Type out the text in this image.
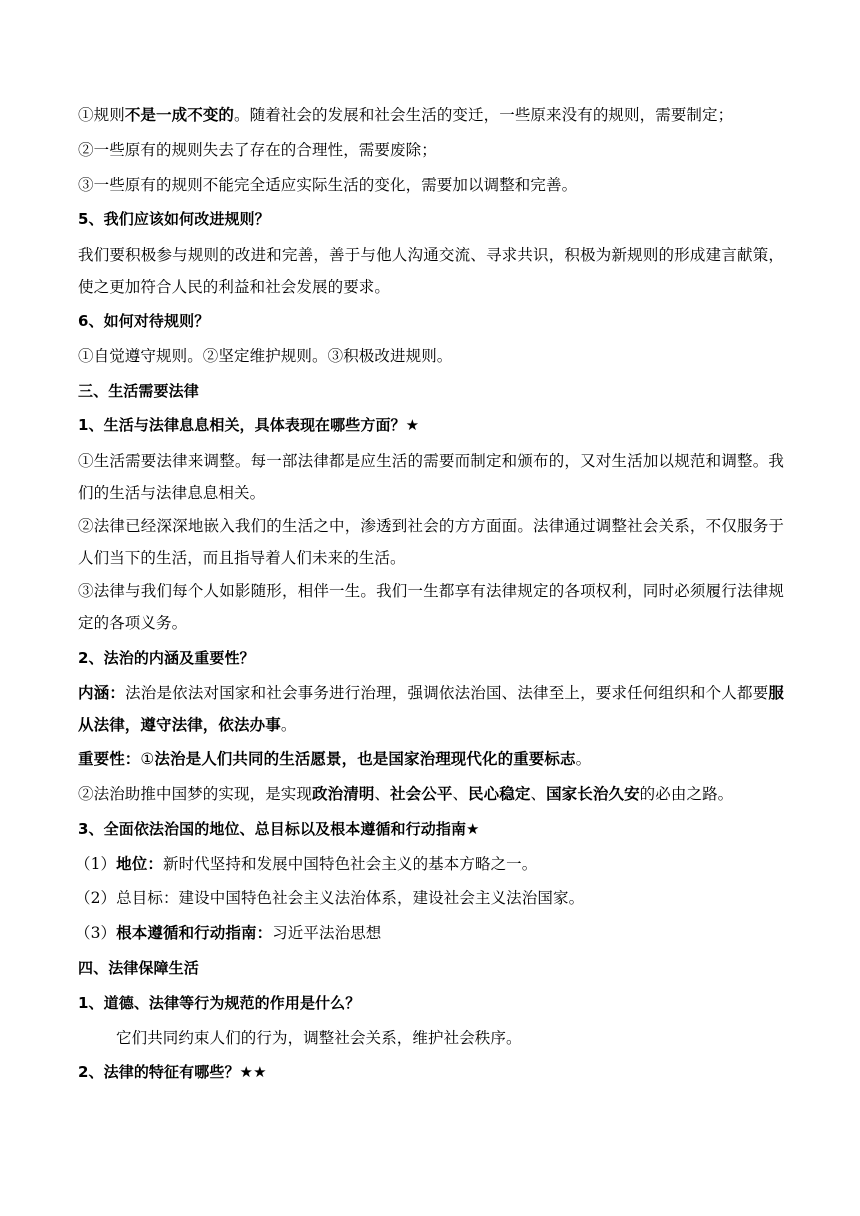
①规则不是一成不变的。随着社会的发展和社会生活的变迁，一些原来没有的规则，需要制定；
②一些原有的规则失去了存在的合理性，需要废除；
③一些原有的规则不能完全适应实际生活的变化，需要加以调整和完善。
5、我们应该如何改进规则？
我们要积极参与规则的改进和完善，善于与他人沟通交流、寻求共识，积极为新规则的形成建言献策，使之更加符合人民的利益和社会发展的要求。
6、如何对待规则？
①自觉遵守规则。②坚定维护规则。③积极改进规则。
三、生活需要法律
1、生活与法律息息相关，具体表现在哪些方面？★
①生活需要法律来调整。每一部法律都是应生活的需要而制定和颁布的，又对生活加以规范和调整。我们的生活与法律息息相关。
②法律已经深深地嵌入我们的生活之中，渗透到社会的方方面面。法律通过调整社会关系，不仅服务于人们当下的生活，而且指导着人们未来的生活。
③法律与我们每个人如影随形，相伴一生。我们一生都享有法律规定的各项权利，同时必须履行法律规定的各项义务。
2、法治的内涵及重要性？
内涵：法治是依法对国家和社会事务进行治理，强调依法治国、法律至上，要求任何组织和个人都要服从法律，遵守法律，依法办事。
重要性：①法治是人们共同的生活愿景，也是国家治理现代化的重要标志。
②法治助推中国梦的实现，是实现政治清明、社会公平、民心稳定、国家长治久安的必由之路。
3、全面依法治国的地位、总目标以及根本遵循和行动指南★
（1）地位：新时代坚持和发展中国特色社会主义的基本方略之一。
（2）总目标：建设中国特色社会主义法治体系，建设社会主义法治国家。
（3）根本遵循和行动指南：习近平法治思想
四、法律保障生活
1、道德、法律等行为规范的作用是什么？
它们共同约束人们的行为，调整社会关系，维护社会秩序。
2、法律的特征有哪些？★★
